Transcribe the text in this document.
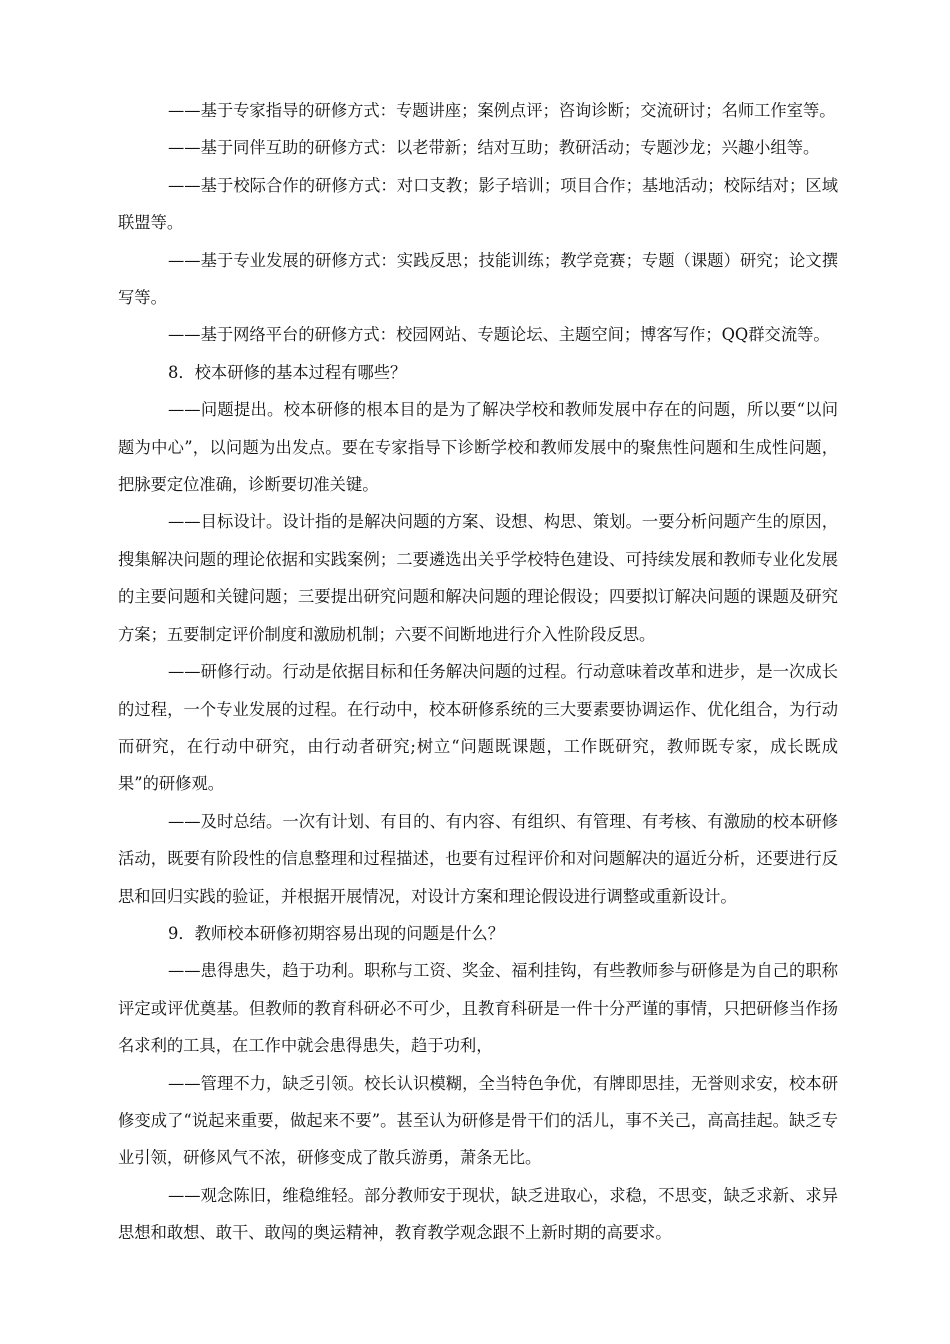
——基于专家指导的研修方式：专题讲座；案例点评；咨询诊断；交流研讨；名师工作室等。

——基于同伴互助的研修方式：以老带新；结对互助；教研活动；专题沙龙；兴趣小组等。

——基于校际合作的研修方式：对口支教；影子培训；项目合作；基地活动；校际结对；区域联盟等。

——基于专业发展的研修方式：实践反思；技能训练；教学竞赛；专题（课题）研究；论文撰写等。

——基于网络平台的研修方式：校园网站、专题论坛、主题空间；博客写作；QQ群交流等。

8．校本研修的基本过程有哪些？

——问题提出。校本研修的根本目的是为了解决学校和教师发展中存在的问题，所以要“以问题为中心”，以问题为出发点。要在专家指导下诊断学校和教师发展中的聚焦性问题和生成性问题，把脉要定位准确，诊断要切准关键。

——目标设计。设计指的是解决问题的方案、设想、构思、策划。一要分析问题产生的原因，搜集解决问题的理论依据和实践案例；二要遴选出关乎学校特色建设、可持续发展和教师专业化发展的主要问题和关键问题；三要提出研究问题和解决问题的理论假设；四要拟订解决问题的课题及研究方案；五要制定评价制度和激励机制；六要不间断地进行介入性阶段反思。

——研修行动。行动是依据目标和任务解决问题的过程。行动意味着改革和进步，是一次成长的过程，一个专业发展的过程。在行动中，校本研修系统的三大要素要协调运作、优化组合，为行动而研究，在行动中研究，由行动者研究;树立“问题既课题，工作既研究，教师既专家，成长既成果”的研修观。

——及时总结。一次有计划、有目的、有内容、有组织、有管理、有考核、有激励的校本研修活动，既要有阶段性的信息整理和过程描述，也要有过程评价和对问题解决的逼近分析，还要进行反思和回归实践的验证，并根据开展情况，对设计方案和理论假设进行调整或重新设计。

9．教师校本研修初期容易出现的问题是什么？

——患得患失，趋于功利。职称与工资、奖金、福利挂钩，有些教师参与研修是为自己的职称评定或评优奠基。但教师的教育科研必不可少，且教育科研是一件十分严谨的事情，只把研修当作扬名求利的工具，在工作中就会患得患失，趋于功利，

——管理不力，缺乏引领。校长认识模糊，全当特色争优，有牌即思挂，无誉则求安，校本研修变成了“说起来重要，做起来不要”。甚至认为研修是骨干们的活儿，事不关己，高高挂起。缺乏专业引领，研修风气不浓，研修变成了散兵游勇，萧条无比。

——观念陈旧，维稳维轻。部分教师安于现状，缺乏进取心，求稳，不思变，缺乏求新、求异思想和敢想、敢干、敢闯的奥运精神，教育教学观念跟不上新时期的高要求。
